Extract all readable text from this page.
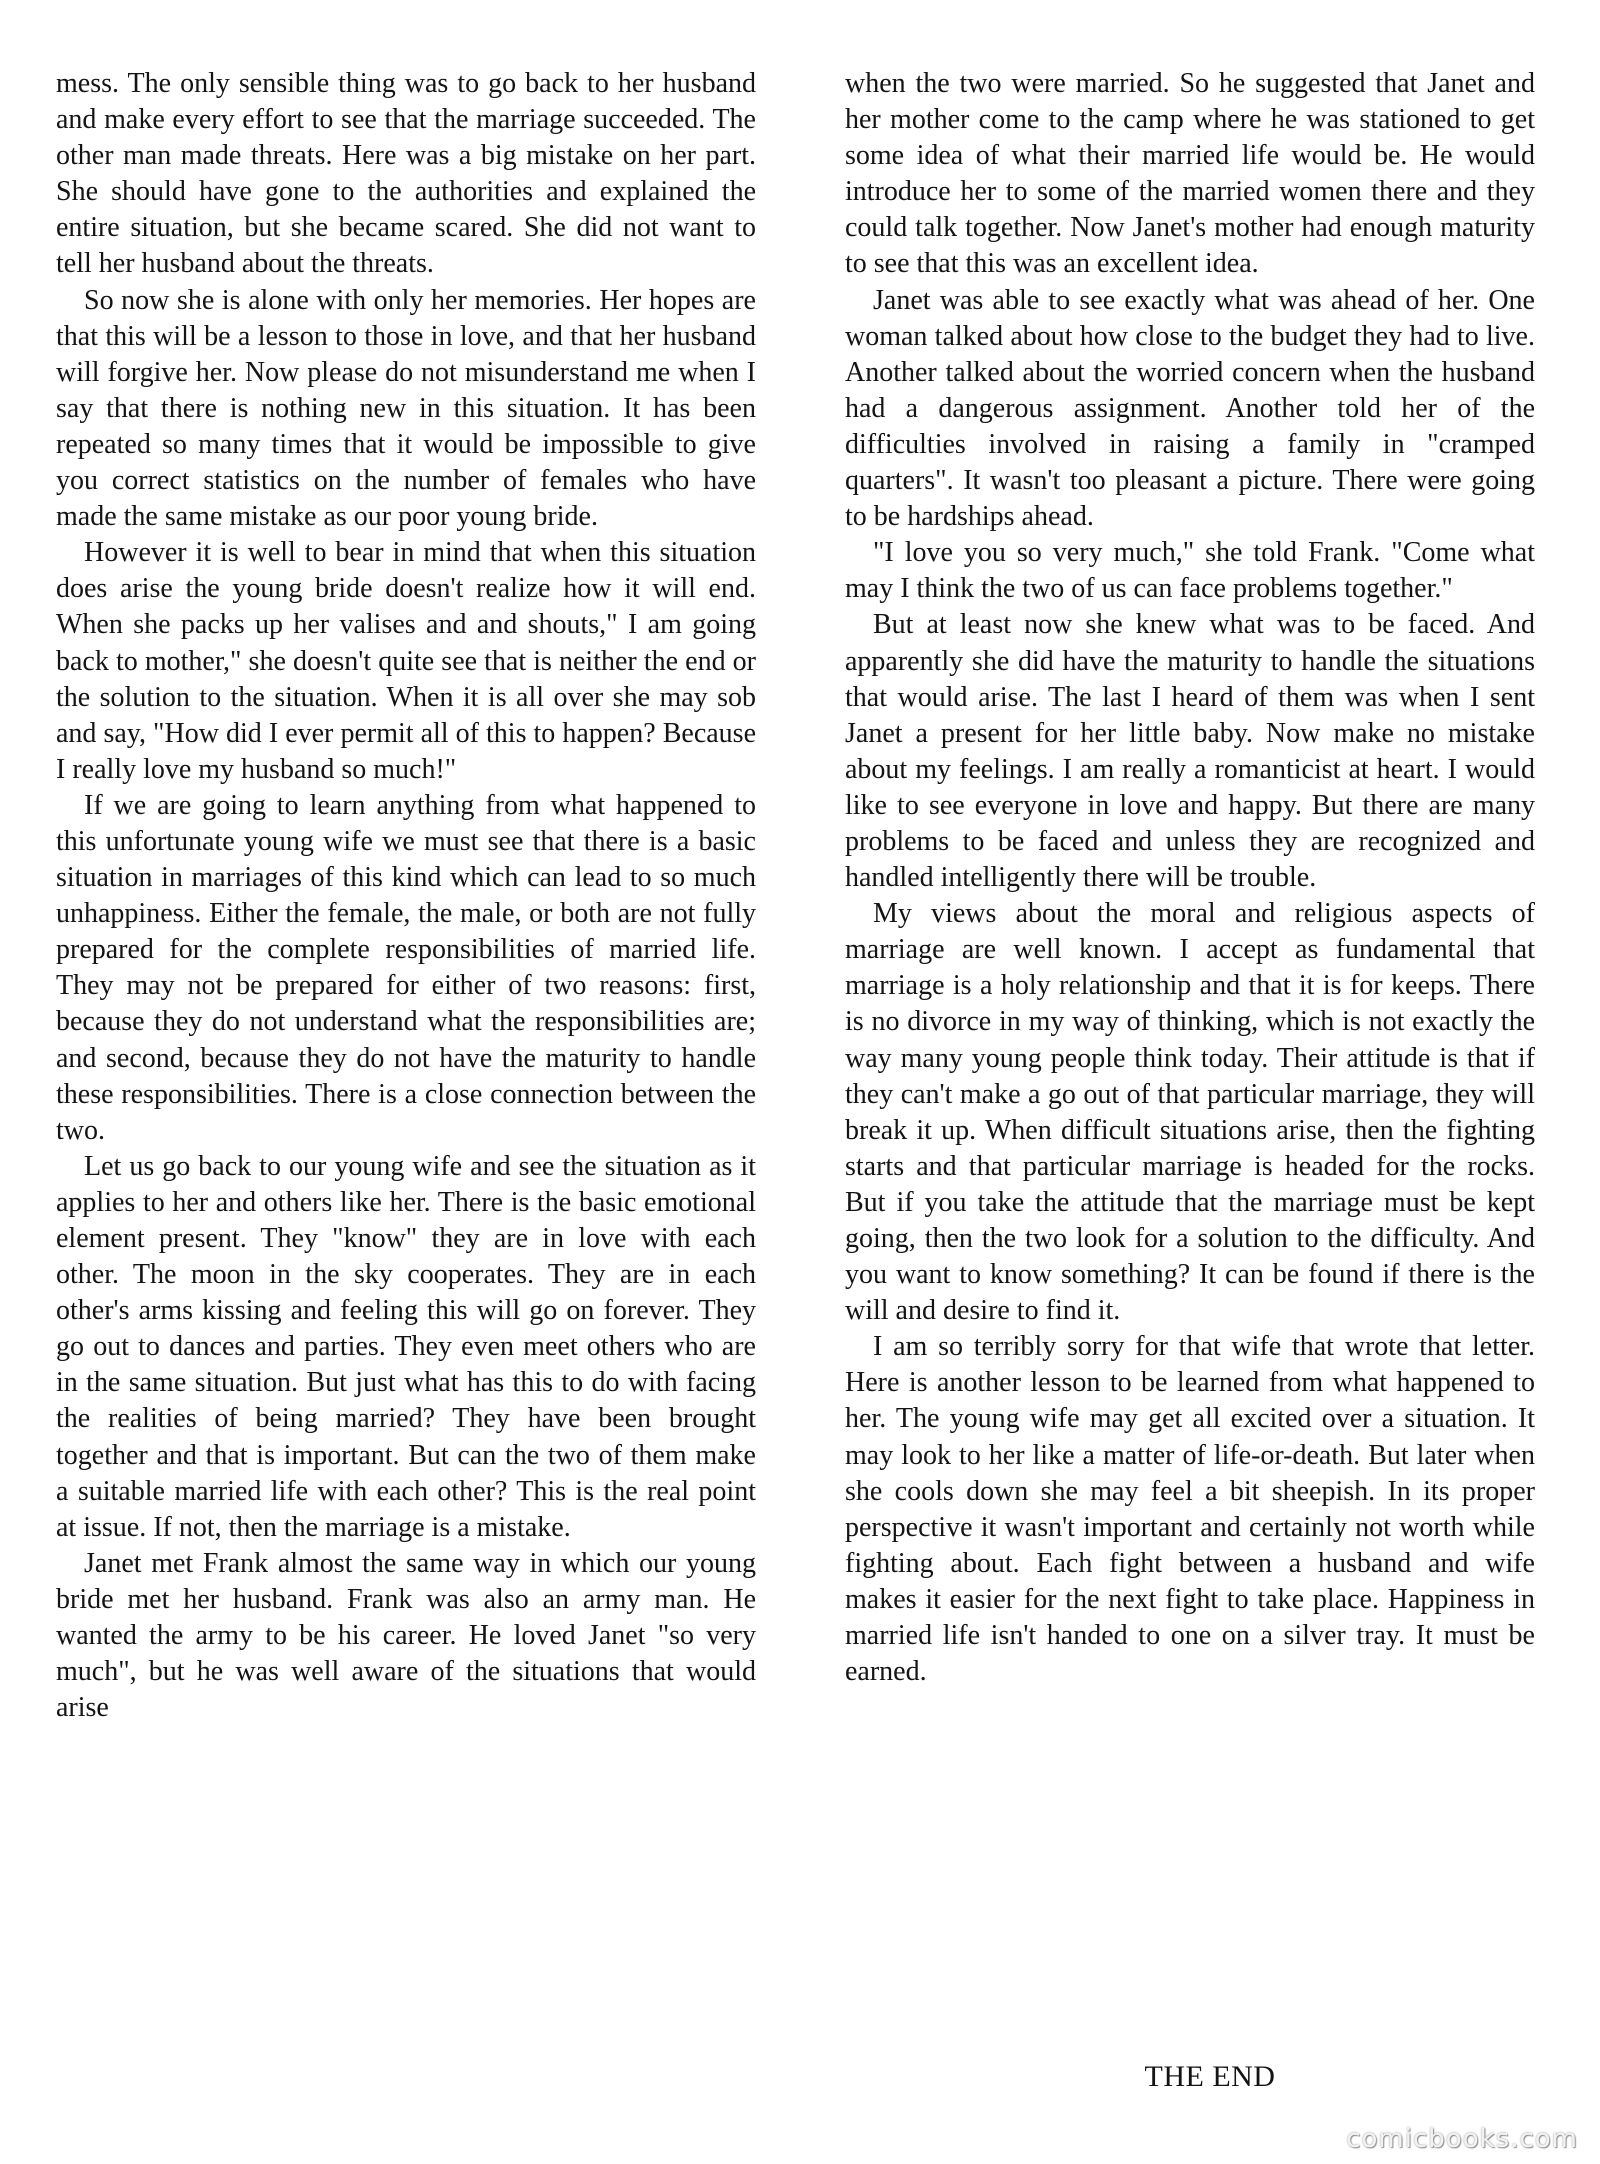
mess. The only sensible thing was to go back to her husband and make every effort to see that the marriage succeeded. The other man made threats. Here was a big mistake on her part. She should have gone to the authorities and explained the entire situation, but she became scared. She did not want to tell her husband about the threats.

So now she is alone with only her memories. Her hopes are that this will be a lesson to those in love, and that her husband will forgive her. Now please do not misunderstand me when I say that there is nothing new in this situation. It has been repeated so many times that it would be impossible to give you correct statistics on the number of females who have made the same mistake as our poor young bride.

However it is well to bear in mind that when this situation does arise the young bride doesn't realize how it will end. When she packs up her valises and and shouts," I am going back to mother," she doesn't quite see that is neither the end or the solution to the situation. When it is all over she may sob and say, "How did I ever permit all of this to happen? Because I really love my husband so much!"

If we are going to learn anything from what happened to this unfortunate young wife we must see that there is a basic situation in marriages of this kind which can lead to so much unhappiness. Either the female, the male, or both are not fully prepared for the complete responsibilities of married life. They may not be prepared for either of two reasons: first, because they do not understand what the responsibilities are; and second, because they do not have the maturity to handle these responsibilities. There is a close connection between the two.

Let us go back to our young wife and see the situation as it applies to her and others like her. There is the basic emotional element present. They "know" they are in love with each other. The moon in the sky cooperates. They are in each other's arms kissing and feeling this will go on forever. They go out to dances and parties. They even meet others who are in the same situation. But just what has this to do with facing the realities of being married? They have been brought together and that is important. But can the two of them make a suitable married life with each other? This is the real point at issue. If not, then the marriage is a mistake.

Janet met Frank almost the same way in which our young bride met her husband. Frank was also an army man. He wanted the army to be his career. He loved Janet "so very much", but he was well aware of the situations that would arise

when the two were married. So he suggested that Janet and her mother come to the camp where he was stationed to get some idea of what their married life would be. He would introduce her to some of the married women there and they could talk together. Now Janet's mother had enough maturity to see that this was an excellent idea.

Janet was able to see exactly what was ahead of her. One woman talked about how close to the budget they had to live. Another talked about the worried concern when the husband had a dangerous assignment. Another told her of the difficulties involved in raising a family in "cramped quarters". It wasn't too pleasant a picture. There were going to be hardships ahead.

"I love you so very much," she told Frank. "Come what may I think the two of us can face problems together."

But at least now she knew what was to be faced. And apparently she did have the maturity to handle the situations that would arise. The last I heard of them was when I sent Janet a present for her little baby. Now make no mistake about my feelings. I am really a romanticist at heart. I would like to see everyone in love and happy. But there are many problems to be faced and unless they are recognized and handled intelligently there will be trouble.

My views about the moral and religious aspects of marriage are well known. I accept as fundamental that marriage is a holy relationship and that it is for keeps. There is no divorce in my way of thinking, which is not exactly the way many young people think today. Their attitude is that if they can't make a go out of that particular marriage, they will break it up. When difficult situations arise, then the fighting starts and that particular marriage is headed for the rocks. But if you take the attitude that the marriage must be kept going, then the two look for a solution to the difficulty. And you want to know something? It can be found if there is the will and desire to find it.

I am so terribly sorry for that wife that wrote that letter. Here is another lesson to be learned from what happened to her. The young wife may get all excited over a situation. It may look to her like a matter of life-or-death. But later when she cools down she may feel a bit sheepish. In its proper perspective it wasn't important and certainly not worth while fighting about. Each fight between a husband and wife makes it easier for the next fight to take place. Happiness in married life isn't handed to one on a silver tray. It must be earned.

THE END
comicbooks.com
